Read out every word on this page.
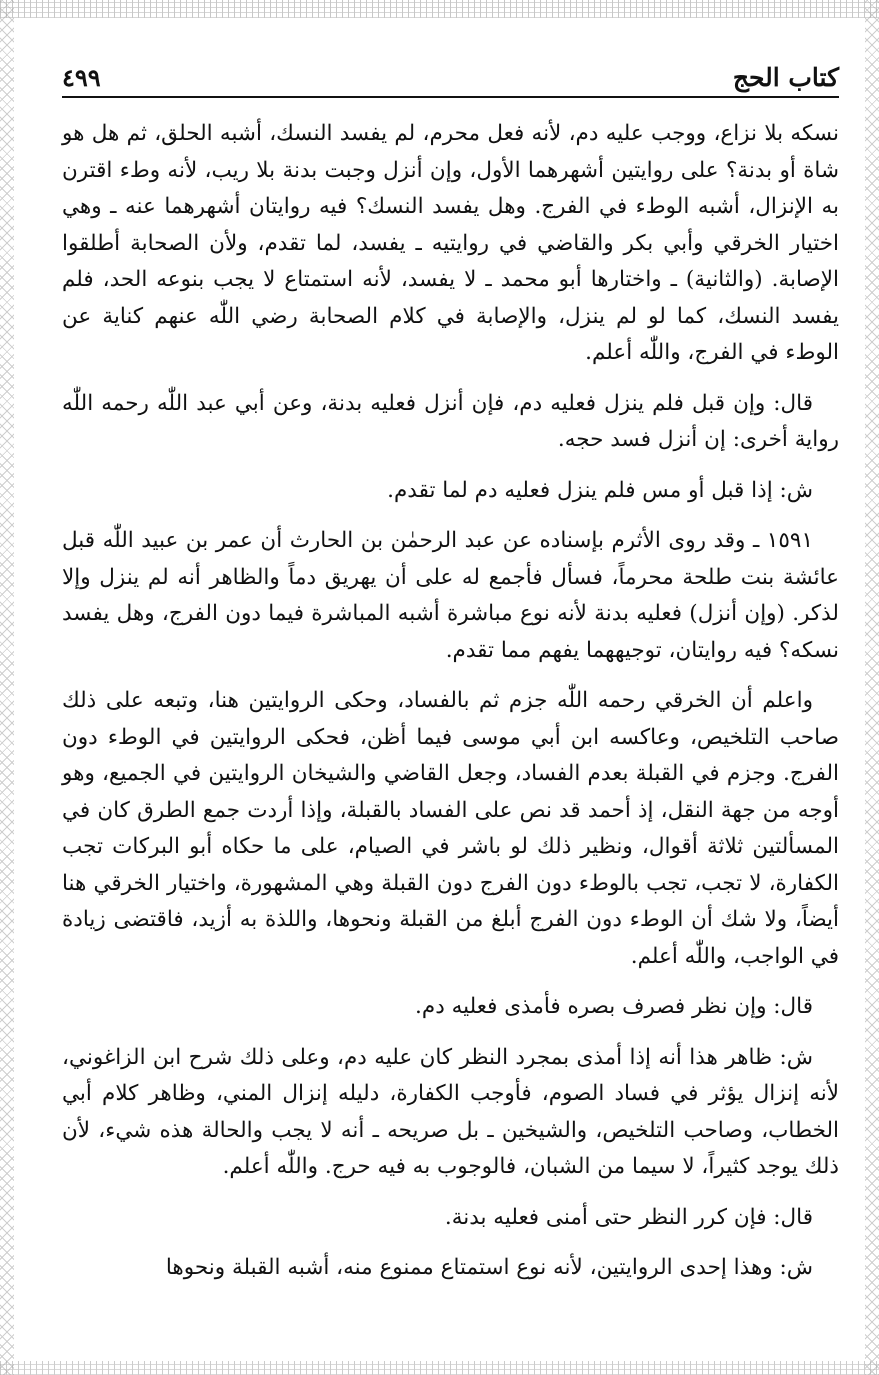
كتاب الحج
٤٩٩

نسكه بلا نزاع، ووجب عليه دم، لأنه فعل محرم، لم يفسد النسك، أشبه الحلق، ثم هل هو شاة أو بدنة؟ على روايتين أشهرهما الأول، وإن أنزل وجبت بدنة بلا ريب، لأنه وطء اقترن به الإنزال، أشبه الوطء في الفرج. وهل يفسد النسك؟ فيه روايتان أشهرهما عنه ـ وهي اختيار الخرقي وأبي بكر والقاضي في روايتيه ـ يفسد، لما تقدم، ولأن الصحابة أطلقوا الإصابة. (والثانية) ـ واختارها أبو محمد ـ لا يفسد، لأنه استمتاع لا يجب بنوعه الحد، فلم يفسد النسك، كما لو لم ينزل، والإصابة في كلام الصحابة رضي اللّٰه عنهم كناية عن الوطء في الفرج، واللّٰه أعلم.

قال: وإن قبل فلم ينزل فعليه دم، فإن أنزل فعليه بدنة، وعن أبي عبد اللّٰه رحمه اللّٰه رواية أخرى: إن أنزل فسد حجه.

ش: إذا قبل أو مس فلم ينزل فعليه دم لما تقدم.

١٥٩١ ـ وقد روى الأثرم بإسناده عن عبد الرحمٰن بن الحارث أن عمر بن عبيد اللّٰه قبل عائشة بنت طلحة محرماً، فسأل فأجمع له على أن يهريق دماً والظاهر أنه لم ينزل وإلا لذكر. (وإن أنزل) فعليه بدنة لأنه نوع مباشرة أشبه المباشرة فيما دون الفرج، وهل يفسد نسكه؟ فيه روايتان، توجيههما يفهم مما تقدم.

واعلم أن الخرقي رحمه اللّٰه جزم ثم بالفساد، وحكى الروايتين هنا، وتبعه على ذلك صاحب التلخيص، وعاكسه ابن أبي موسى فيما أظن، فحكى الروايتين في الوطء دون الفرج. وجزم في القبلة بعدم الفساد، وجعل القاضي والشيخان الروايتين في الجميع، وهو أوجه من جهة النقل، إذ أحمد قد نص على الفساد بالقبلة، وإذا أردت جمع الطرق كان في المسألتين ثلاثة أقوال، ونظير ذلك لو باشر في الصيام، على ما حكاه أبو البركات تجب الكفارة، لا تجب، تجب بالوطء دون الفرج دون القبلة وهي المشهورة، واختيار الخرقي هنا أيضاً، ولا شك أن الوطء دون الفرج أبلغ من القبلة ونحوها، واللذة به أزيد، فاقتضى زيادة في الواجب، واللّٰه أعلم.

قال: وإن نظر فصرف بصره فأمذى فعليه دم.

ش: ظاهر هذا أنه إذا أمذى بمجرد النظر كان عليه دم، وعلى ذلك شرح ابن الزاغوني، لأنه إنزال يؤثر في فساد الصوم، فأوجب الكفارة، دليله إنزال المني، وظاهر كلام أبي الخطاب، وصاحب التلخيص، والشيخين ـ بل صريحه ـ أنه لا يجب والحالة هذه شيء، لأن ذلك يوجد كثيراً، لا سيما من الشبان، فالوجوب به فيه حرج. واللّٰه أعلم.

قال: فإن كرر النظر حتى أمنى فعليه بدنة.

ش: وهذا إحدى الروايتين، لأنه نوع استمتاع ممنوع منه، أشبه القبلة ونحوها
